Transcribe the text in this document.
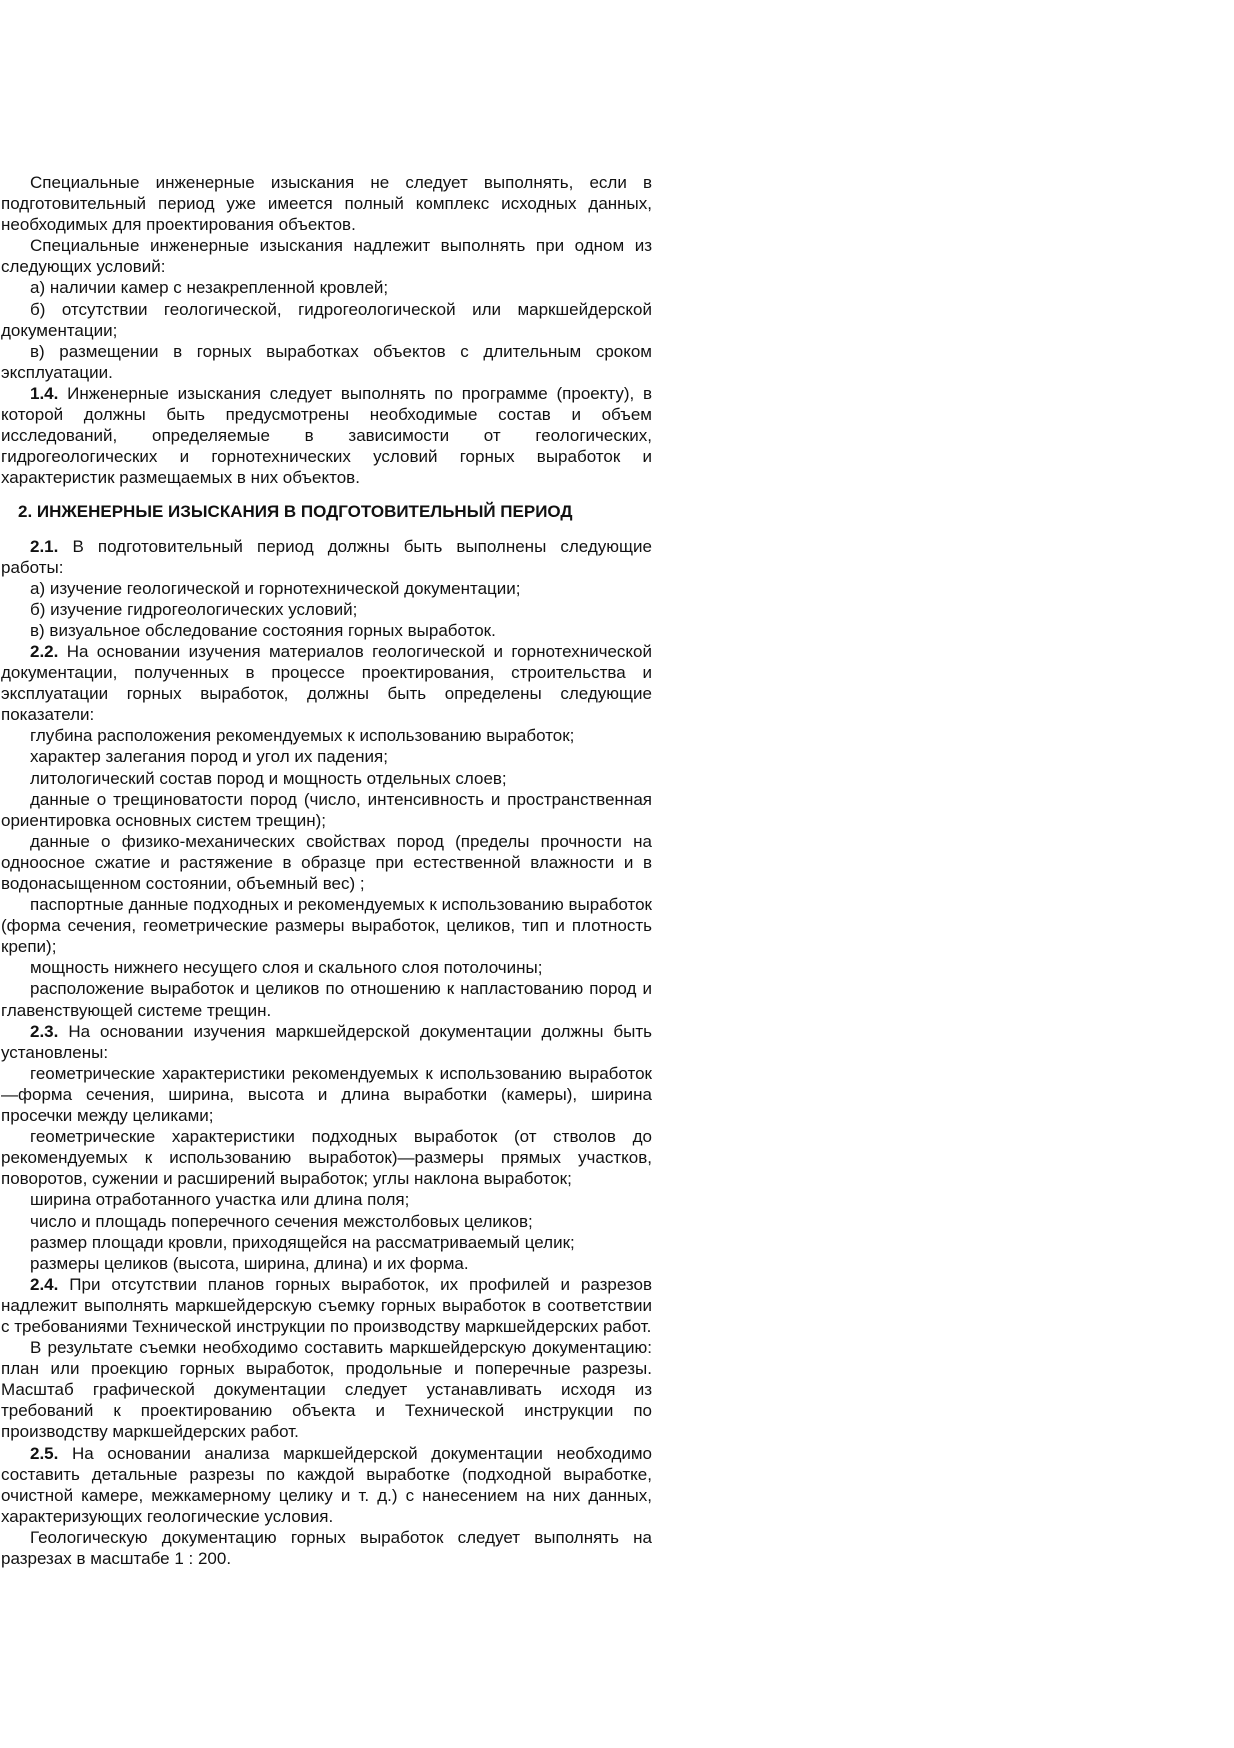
Специальные инженерные изыскания не следует выполнять, если в подготовительный период уже имеется полный комплекс исходных данных, необходимых для проектирования объектов.

Специальные инженерные изыскания надлежит выполнять при одном из следующих условий:

а) наличии камер с незакрепленной кровлей;

б) отсутствии геологической, гидрогеологической или маркшейдерской документации;

в) размещении в горных выработках объектов с длительным сроком эксплуатации.

1.4. Инженерные изыскания следует выполнять по программе (проекту), в которой должны быть предусмотрены необходимые состав и объем исследований, определяемые в зависимости от геологических, гидрогеологических и горнотехнических условий горных выработок и характеристик размещаемых в них объектов.

2. ИНЖЕНЕРНЫЕ ИЗЫСКАНИЯ В ПОДГОТОВИТЕЛЬНЫЙ ПЕРИОД

2.1. В подготовительный период должны быть выполнены следующие работы:

а) изучение геологической и горнотехнической документации;

б) изучение гидрогеологических условий;

в) визуальное обследование состояния горных выработок.

2.2. На основании изучения материалов геологической и горнотехнической документации, полученных в процессе проектирования, строительства и эксплуатации горных выработок, должны быть определены следующие показатели:

глубина расположения рекомендуемых к использованию выработок;

характер залегания пород и угол их падения;

литологический состав пород и мощность отдельных слоев;

данные о трещиноватости пород (число, интенсивность и пространственная ориентировка основных систем трещин);

данные о физико-механических свойствах пород (пределы прочности на одноосное сжатие и растяжение в образце при естественной влажности и в водонасыщенном состоянии, объемный вес) ;

паспортные данные подходных и рекомендуемых к использованию выработок (форма сечения, геометрические размеры выработок, целиков, тип и плотность крепи);

мощность нижнего несущего слоя и скального слоя потолочины;

расположение выработок и целиков по отношению к напластованию пород и главенствующей системе трещин.

2.3. На основании изучения маркшейдерской документации должны быть установлены:

геометрические характеристики рекомендуемых к использованию выработок—форма сечения, ширина, высота и длина выработки (камеры), ширина просечки между целиками;

геометрические характеристики подходных выработок (от стволов до рекомендуемых к использованию выработок)—размеры прямых участков, поворотов, сужении и расширений выработок; углы наклона выработок;

ширина отработанного участка или длина поля;

число и площадь поперечного сечения межстолбовых целиков;

размер площади кровли, приходящейся на рассматриваемый целик;

размеры целиков (высота, ширина, длина) и их форма.

2.4. При отсутствии планов горных выработок, их профилей и разрезов надлежит выполнять маркшейдерскую съемку горных выработок в соответствии с требованиями Технической инструкции по производству маркшейдерских работ.

В результате съемки необходимо составить маркшейдерскую документацию: план или проекцию горных выработок, продольные и поперечные разрезы. Масштаб графической документации следует устанавливать исходя из требований к проектированию объекта и Технической инструкции по производству маркшейдерских работ.

2.5. На основании анализа маркшейдерской документации необходимо составить детальные разрезы по каждой выработке (подходной выработке, очистной камере, межкамерному целику и т. д.) с нанесением на них данных, характеризующих геологические условия.

Геологическую документацию горных выработок следует выполнять на разрезах в масштабе 1 : 200.
